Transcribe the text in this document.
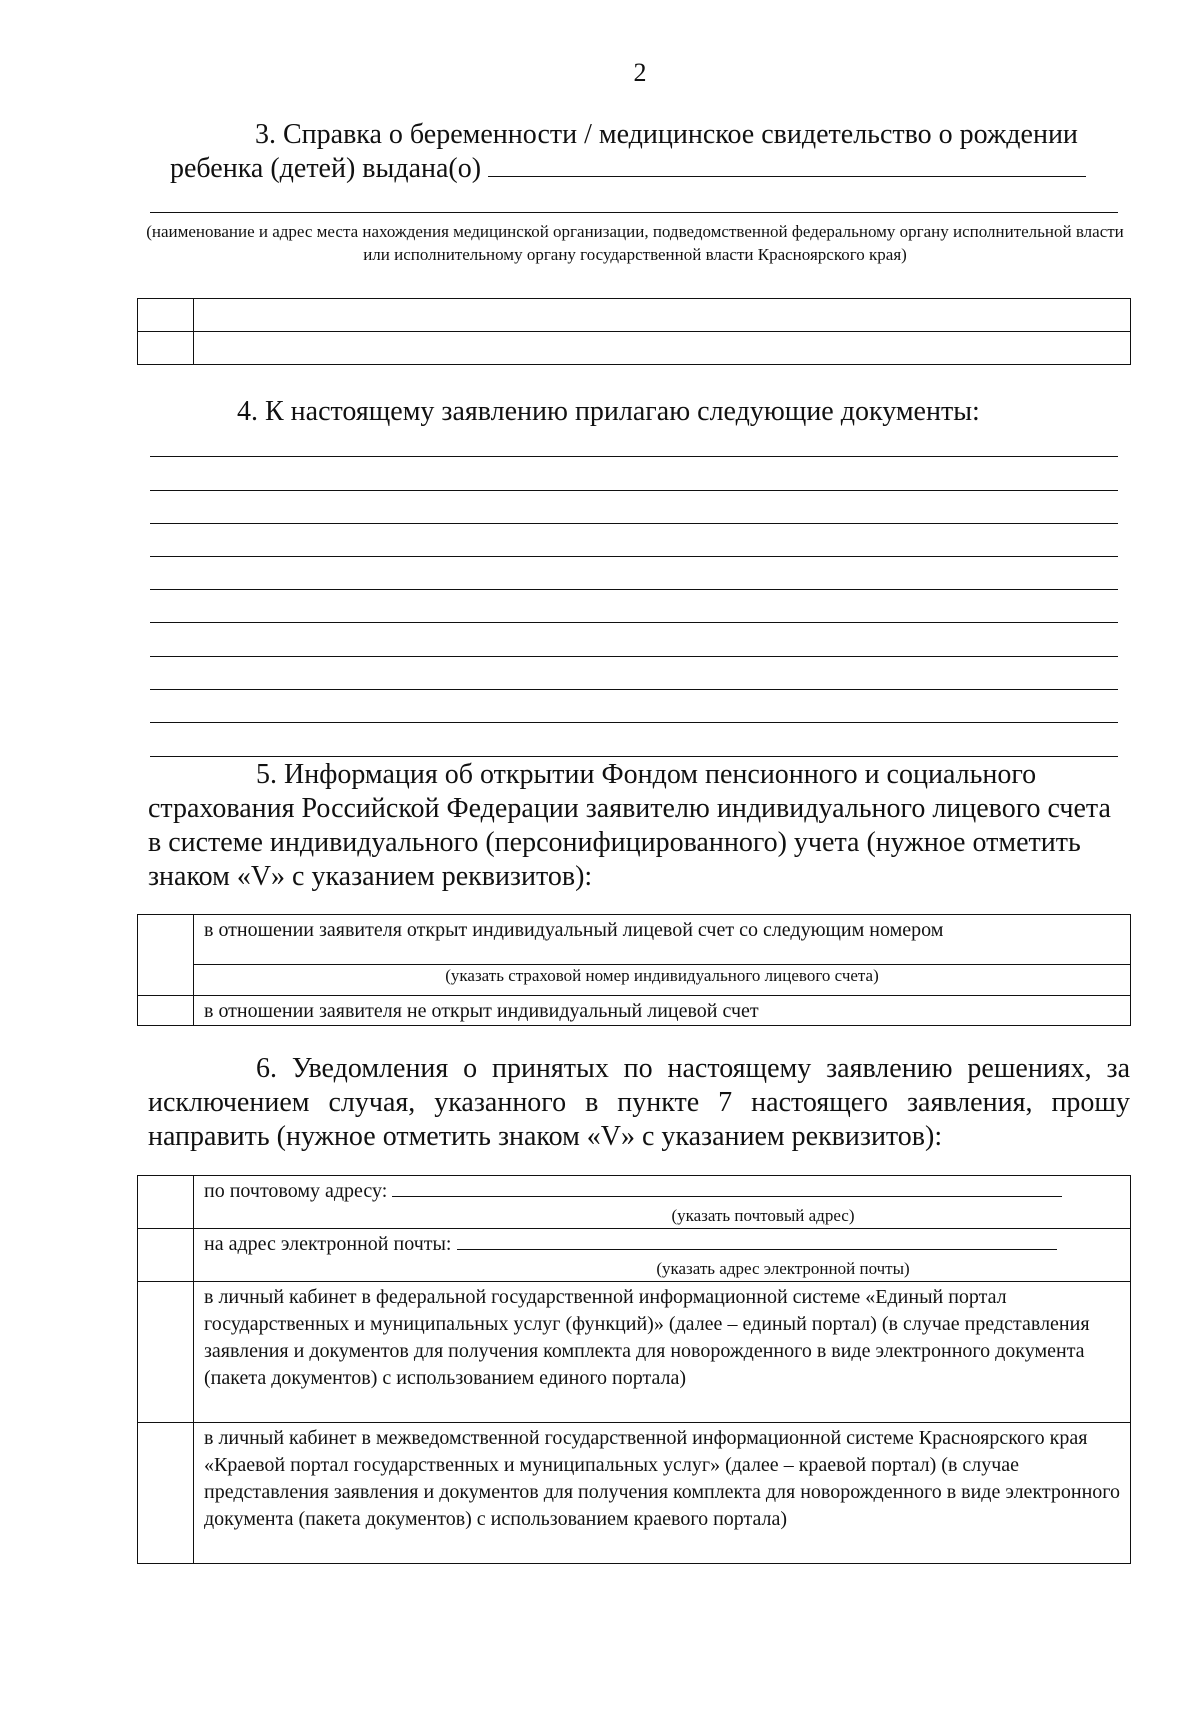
2
3. Справка о беременности / медицинское свидетельство о рождении
ребенка (детей) выдана(о)
(наименование и адрес места нахождения медицинской организации, подведомственной федеральному органу исполнительной власти или исполнительному органу государственной власти Красноярского края)

4. К настоящему заявлению прилагаю следующие документы:
5. Информация об открытии Фондом пенсионного и социального страхования Российской Федерации заявителю индивидуального лицевого счета в системе индивидуального (персонифицированного) учета (нужное отметить знаком «V» с указанием реквизитов):

	в отношении заявителя открыт индивидуальный лицевой счет со следующим номером
(указать страховой номер индивидуального лицевого счета)

	в отношении заявителя не открыт индивидуальный лицевой счет
6. Уведомления о принятых по настоящему заявлению решениях, за исключением случая, указанного в пункте 7 настоящего заявления, прошу направить (нужное отметить знаком «V» с указанием реквизитов):

	по почтовому адресу:
(указать почтовый адрес)

	на адрес электронной почты:
(указать адрес электронной почты)

	в личный кабинет в федеральной государственной информационной системе «Единый портал государственных и муниципальных услуг (функций)» (далее – единый портал) (в случае представления заявления и документов для получения комплекта для новорожденного в виде электронного документа (пакета документов) с использованием единого портала)
	в личный кабинет в межведомственной государственной информационной системе Красноярского края «Краевой портал государственных и муниципальных услуг» (далее – краевой портал) (в случае представления заявления и документов для получения комплекта для новорожденного в виде электронного документа (пакета документов) с использованием краевого портала)
